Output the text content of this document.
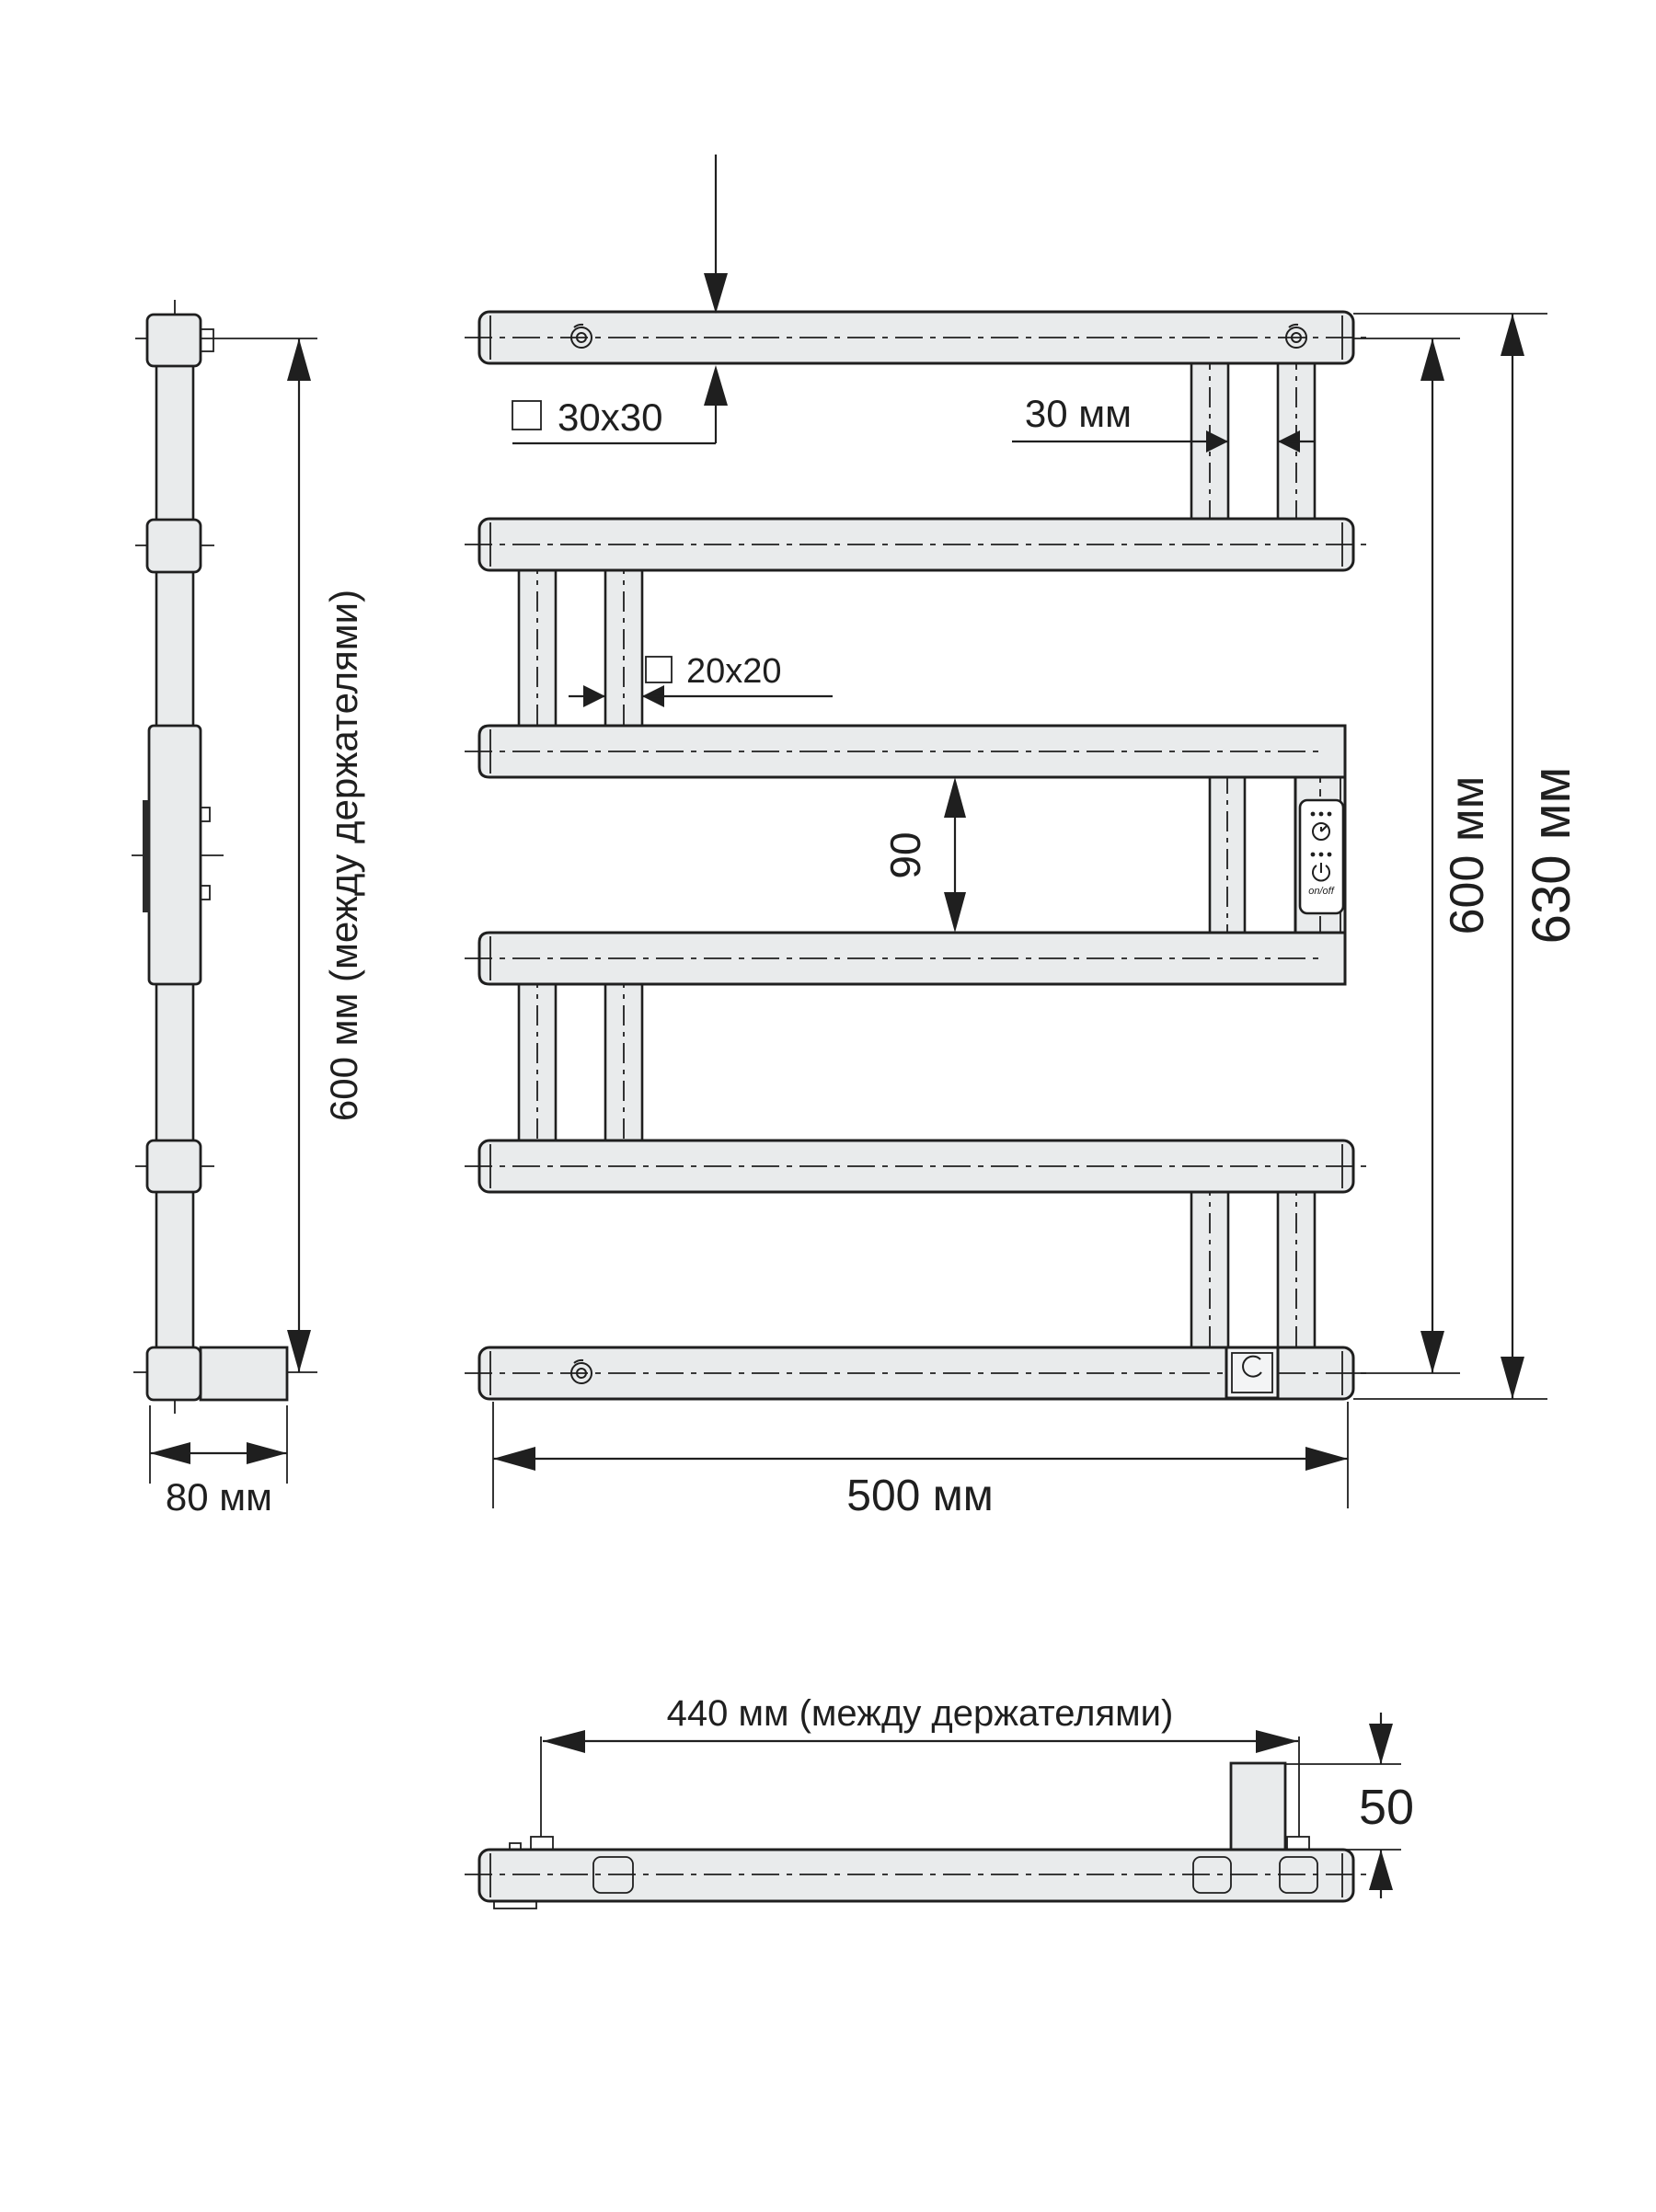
600 мм (между держателями)
80 мм
on/off
30x30	30 мм
20x20
90	600 мм 630 мм
500 мм
440 мм (между держателями)
50
